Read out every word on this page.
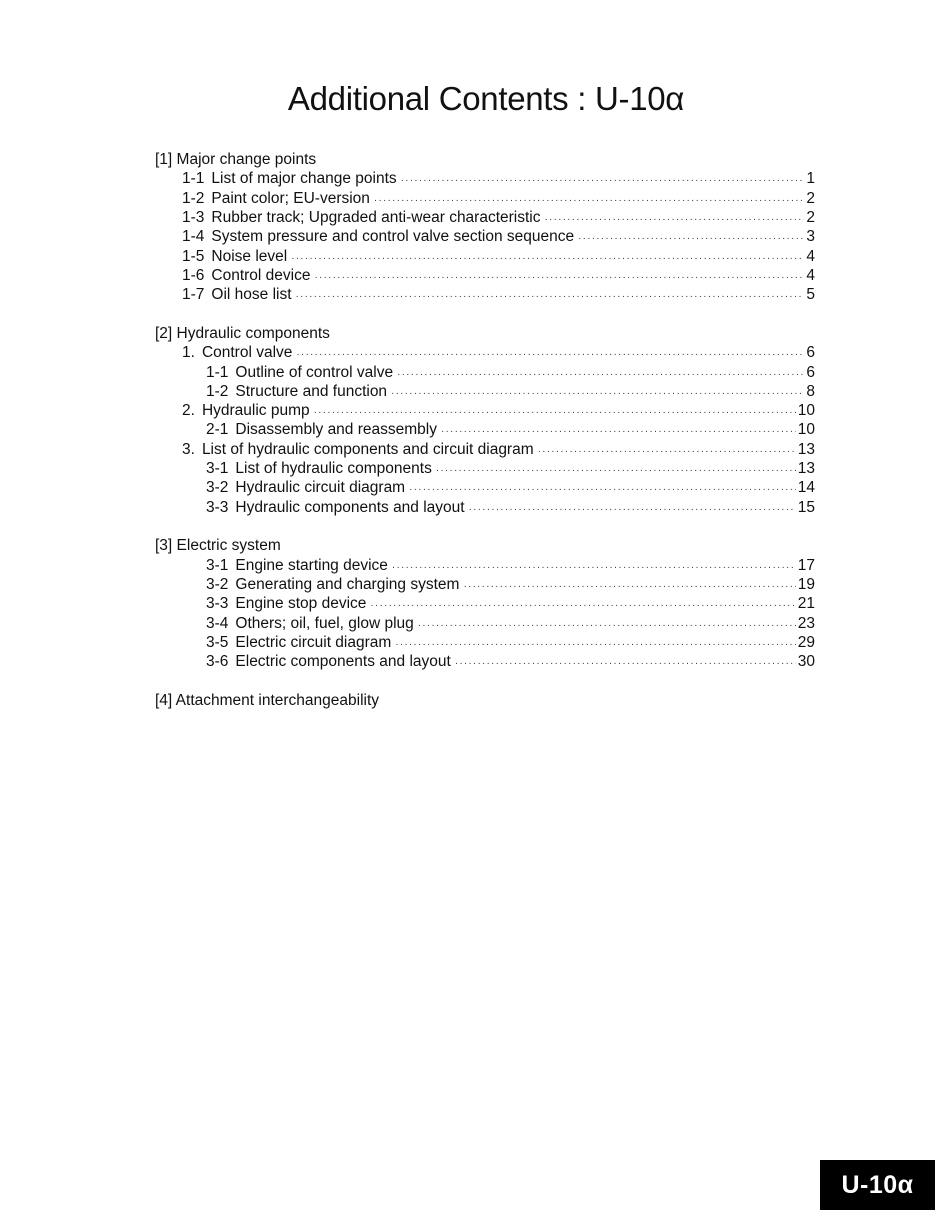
Additional Contents : U-10α
[1] Major change points
1-1 List of major change points ·····	1
1-2 Paint color; EU-version ·····	2
1-3 Rubber track; Upgraded anti-wear characteristic ·····	2
1-4 System pressure and control valve section sequence ·····	3
1-5 Noise level ·····	4
1-6 Control device ·····	4
1-7 Oil hose list ·····	5
[2] Hydraulic components
1. Control valve ·····	6
1-1 Outline of control valve ·····	6
1-2 Structure and function ·····	8
2. Hydraulic pump ·····	10
2-1 Disassembly and reassembly ·····	10
3. List of hydraulic components and circuit diagram ·····	13
3-1 List of hydraulic components ·····	13
3-2 Hydraulic circuit diagram ·····	14
3-3 Hydraulic components and layout ·····	15
[3] Electric system
3-1 Engine starting device ·····	17
3-2 Generating and charging system ·····	19
3-3 Engine stop device ·····	21
3-4 Others; oil, fuel, glow plug ·····	23
3-5 Electric circuit diagram ·····	29
3-6 Electric components and layout ·····	30
[4] Attachment interchangeability
U-10α
